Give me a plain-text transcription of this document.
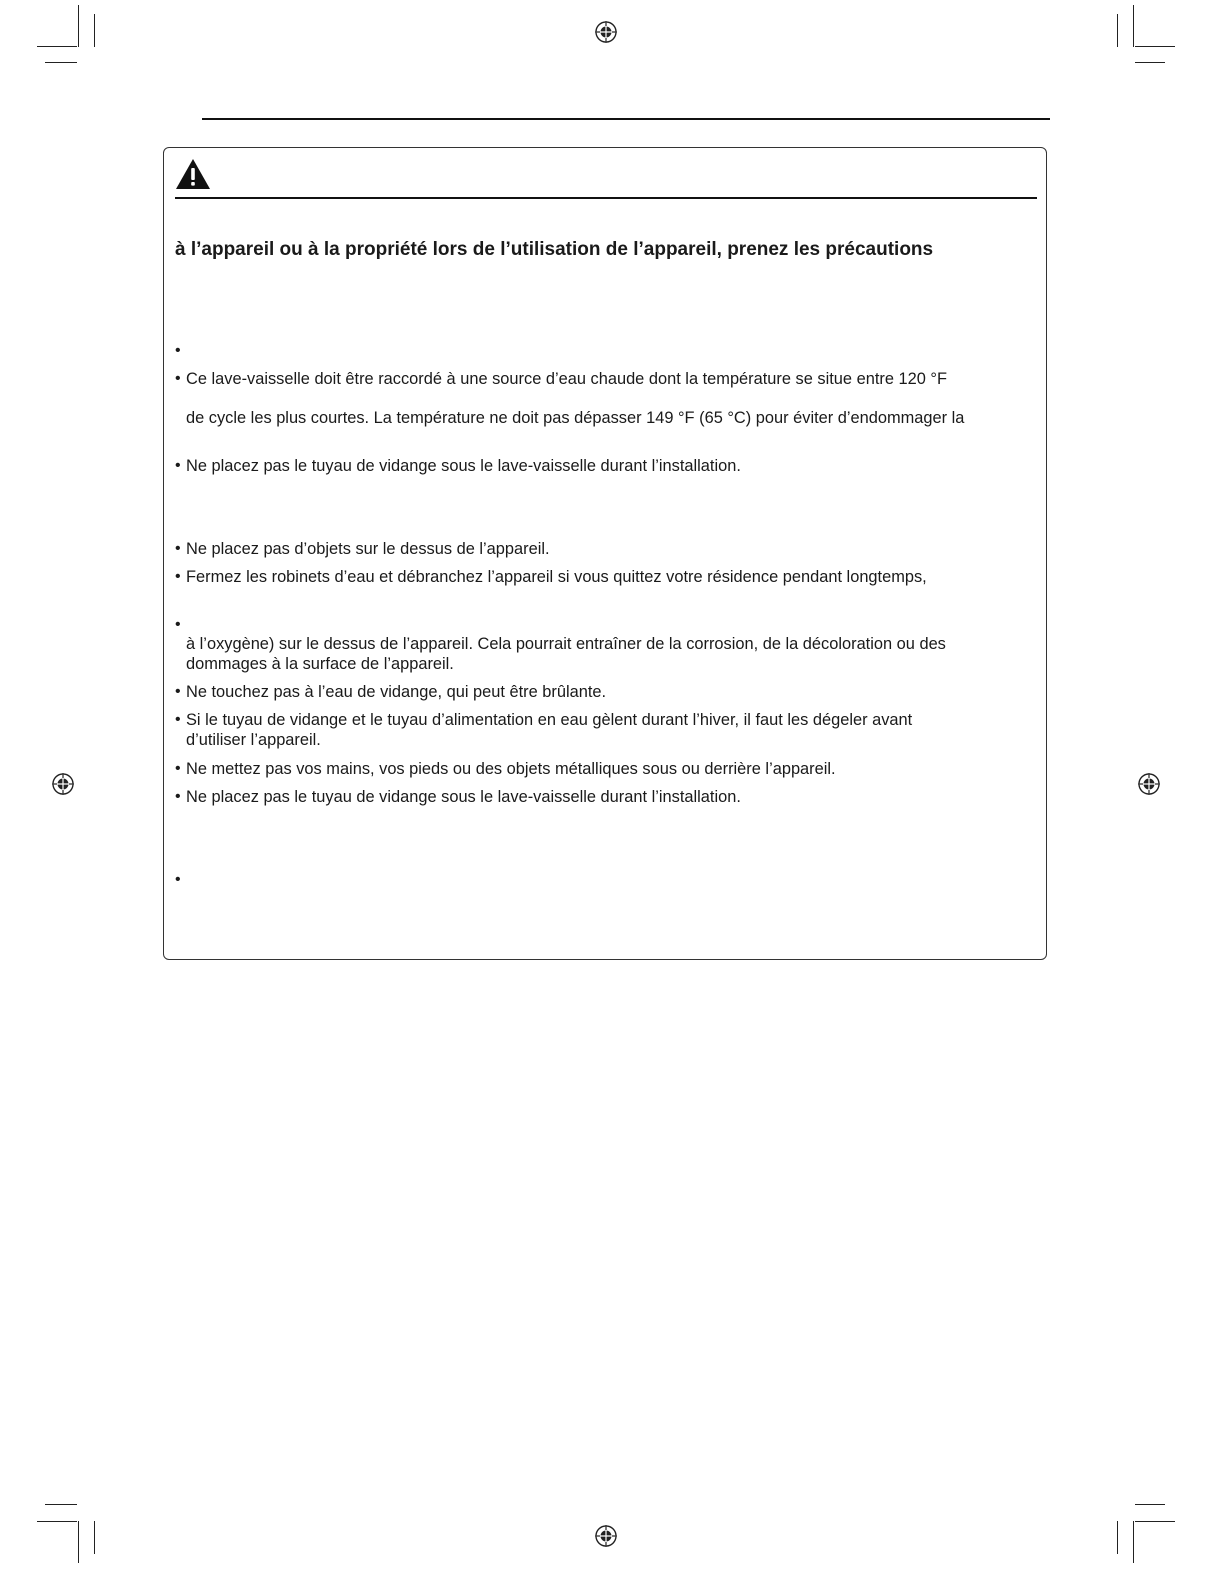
à l’appareil ou à la propriété lors de l’utilisation de l’appareil, prenez les précautions
•
• Ce lave-vaisselle doit être raccordé à une source d’eau chaude dont la température se situe entre 120 °F
de cycle les plus courtes. La température ne doit pas dépasser 149 °F (65 °C) pour éviter d’endommager la
• Ne placez pas le tuyau de vidange sous le lave-vaisselle durant l’installation.
• Ne placez pas d’objets sur le dessus de l’appareil.
• Fermez les robinets d’eau et débranchez l’appareil si vous quittez votre résidence pendant longtemps,
•
à l’oxygène) sur le dessus de l’appareil. Cela pourrait entraîner de la corrosion, de la décoloration ou des
dommages à la surface de l’appareil.
• Ne touchez pas à l’eau de vidange, qui peut être brûlante.
• Si le tuyau de vidange et le tuyau d’alimentation en eau gèlent durant l’hiver, il faut les dégeler avant
d’utiliser l’appareil.
• Ne mettez pas vos mains, vos pieds ou des objets métalliques sous ou derrière l’appareil.
• Ne placez pas le tuyau de vidange sous le lave-vaisselle durant l’installation.
•
